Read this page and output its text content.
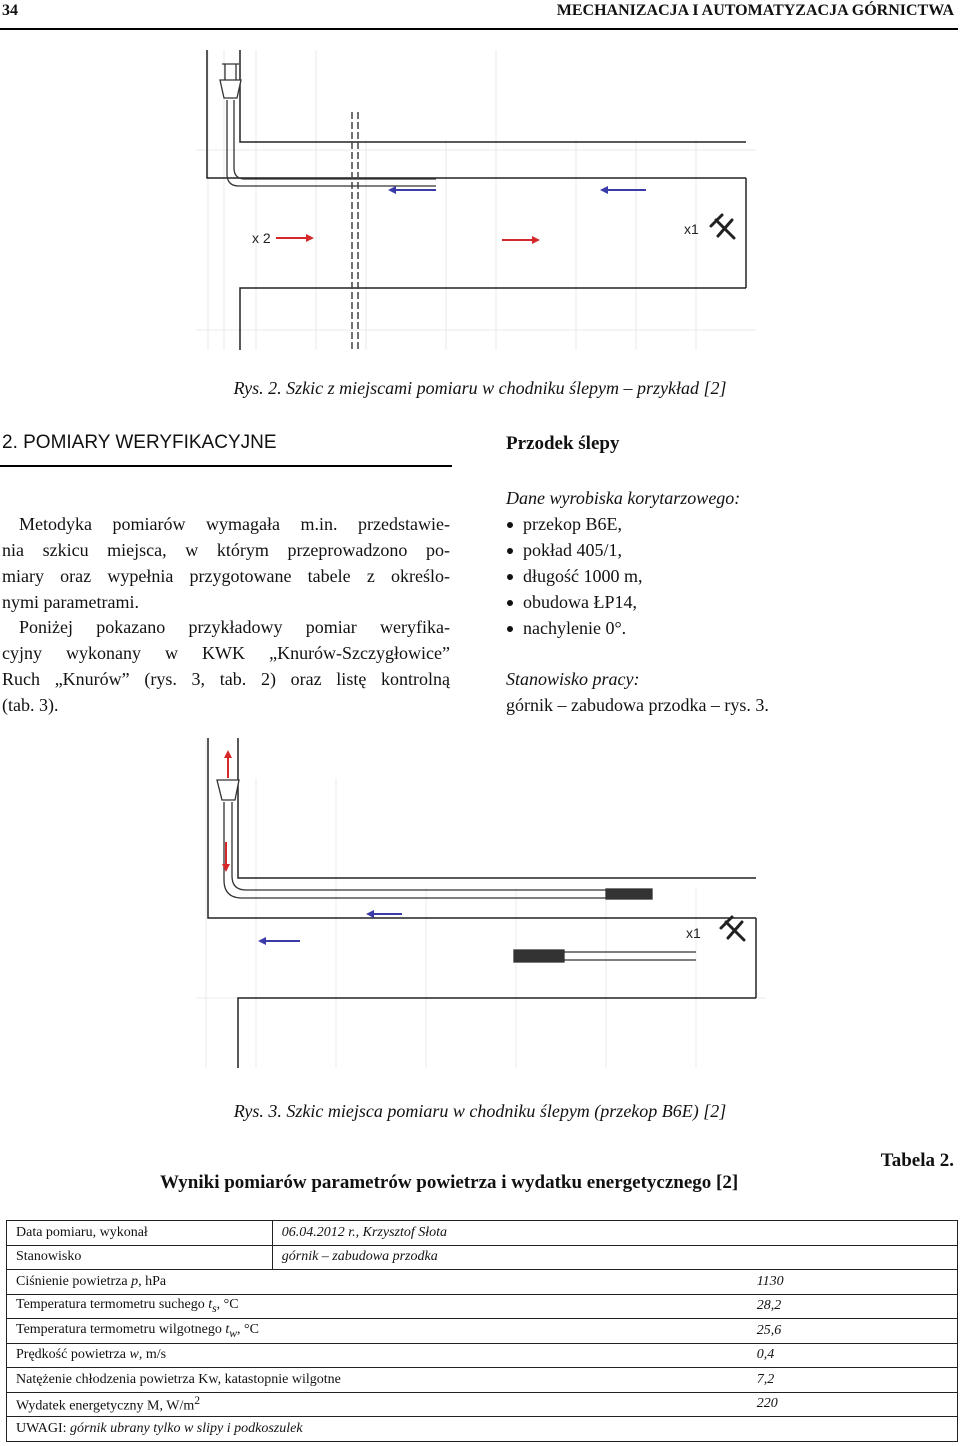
34	MECHANIZACJA I AUTOMATYZACJA GÓRNICTWA
x 2
x1
Rys. 2. Szkic z miejscami pomiaru w chodniku ślepym – przykład [2]
2. POMIARY WERYFIKACYJNE
Metodyka pomiarów wymagała m.in. przedstawie-
nia szkicu miejsca, w którym przeprowadzono po-
miary oraz wypełnia przygotowane tabele z określo-
nymi parametrami.
Poniżej pokazano przykładowy pomiar weryfika-
cyjny wykonany w KWK „Knurów-Szczygłowice”
Ruch „Knurów” (rys. 3, tab. 2) oraz listę kontrolną
(tab. 3).
Przodek ślepy
Dane wyrobiska korytarzowego:
przekop B6E,
pokład 405/1,
długość 1000 m,
obudowa ŁP14,
nachylenie 0°.
Stanowisko pracy:
górnik – zabudowa przodka – rys. 3.
x1
Rys. 3. Szkic miejsca pomiaru w chodniku ślepym (przekop B6E) [2]
Tabela 2.
Wyniki pomiarów parametrów powietrza i wydatku energetycznego [2]
Data pomiaru, wykonał	06.04.2012 r., Krzysztof Słota	
Stanowisko	górnik – zabudowa przodka	
Ciśnienie powietrza p, hPa		1130
Temperatura termometru suchego $t_s$, °C		28,2
Temperatura termometru wilgotnego $t_w$, °C		25,6
Prędkość powietrza w, m/s		0,4
Natężenie chłodzenia powietrza Kw, katastopnie wilgotne		7,2
Wydatek energetyczny M, $W/m^2$		220
UWAGI: górnik ubrany tylko w slipy i podkoszulek		
